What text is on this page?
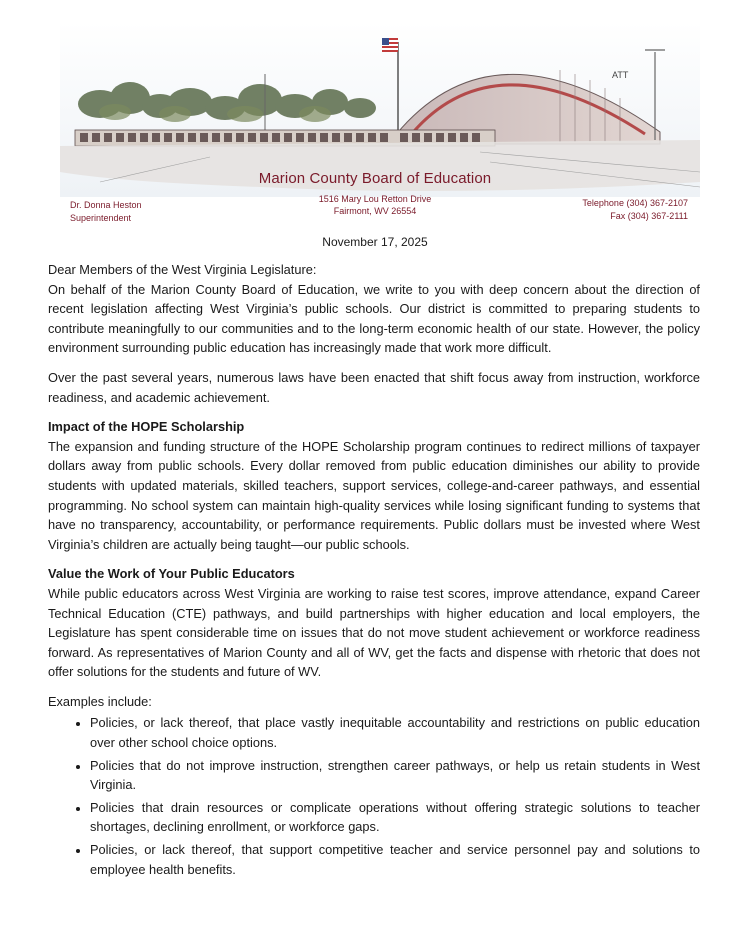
ATT
Marion County Board of Education
1516 Mary Lou Retton Drive
Fairmont, WV 26554
Dr. Donna Heston
Superintendent
Telephone (304) 367-2107
Fax (304) 367-2111
November 17, 2025

Dear Members of the West Virginia Legislature:

On behalf of the Marion County Board of Education, we write to you with deep concern about the direction of recent legislation affecting West Virginia’s public schools. Our district is committed to preparing students to contribute meaningfully to our communities and to the long-term economic health of our state. However, the policy environment surrounding public education has increasingly made that work more difficult.

Over the past several years, numerous laws have been enacted that shift focus away from instruction, workforce readiness, and academic achievement.

Impact of the HOPE Scholarship

The expansion and funding structure of the HOPE Scholarship program continues to redirect millions of taxpayer dollars away from public schools. Every dollar removed from public education diminishes our ability to provide students with updated materials, skilled teachers, support services, college-and-career pathways, and essential programming. No school system can maintain high-quality services while losing significant funding to systems that have no transparency, accountability, or performance requirements. Public dollars must be invested where West Virginia’s children are actually being taught—our public schools.

Value the Work of Your Public Educators

While public educators across West Virginia are working to raise test scores, improve attendance, expand Career Technical Education (CTE) pathways, and build partnerships with higher education and local employers, the Legislature has spent considerable time on issues that do not move student achievement or workforce readiness forward. As representatives of Marion County and all of WV, get the facts and dispense with rhetoric that does not offer solutions for the students and future of WV.

Examples include:

• Policies, or lack thereof, that place vastly inequitable accountability and restrictions on public education over other school choice options.
• Policies that do not improve instruction, strengthen career pathways, or help us retain students in West Virginia.
• Policies that drain resources or complicate operations without offering strategic solutions to teacher shortages, declining enrollment, or workforce gaps.
• Policies, or lack thereof, that support competitive teacher and service personnel pay and solutions to employee health benefits.
